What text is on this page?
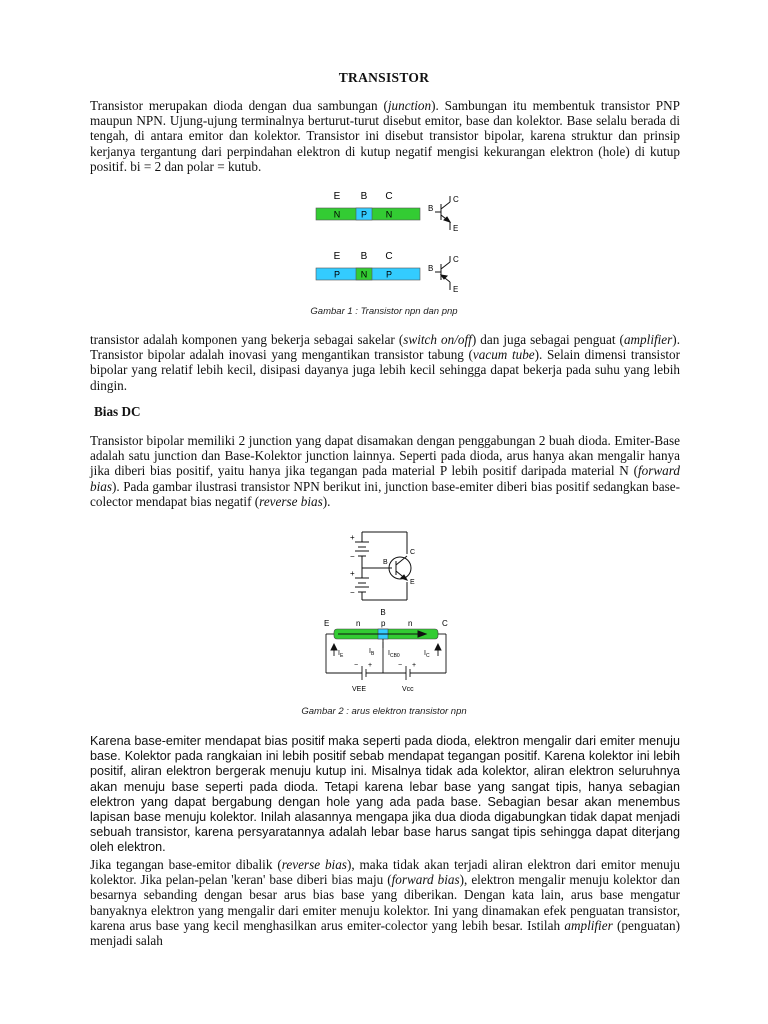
TRANSISTOR

Transistor merupakan dioda dengan dua sambungan (junction). Sambungan itu membentuk transistor PNP maupun NPN. Ujung-ujung terminalnya berturut-turut disebut emitor, base dan kolektor. Base selalu berada di tengah, di antara emitor dan kolektor. Transistor ini disebut transistor bipolar, karena struktur dan prinsip kerjanya tergantung dari perpindahan elektron di kutup negatif mengisi kekurangan elektron (hole) di kutup positif. bi = 2 dan polar = kutub.

E B C
N P N
B
C
E
E B C
P N P
B
C
E
Gambar 1 : Transistor npn dan pnp

transistor adalah komponen yang bekerja sebagai sakelar (switch on/off) dan juga sebagai penguat (amplifier). Transistor bipolar adalah inovasi yang mengantikan transistor tabung (vacum tube). Selain dimensi transistor bipolar yang relatif lebih kecil, disipasi dayanya juga lebih kecil sehingga dapat bekerja pada suhu yang lebih dingin.

Bias DC

Transistor bipolar memiliki 2 junction yang dapat disamakan dengan penggabungan 2 buah dioda. Emiter-Base adalah satu junction dan Base-Kolektor junction lainnya. Seperti pada dioda, arus hanya akan mengalir hanya jika diberi bias positif, yaitu hanya jika tegangan pada material P lebih positif daripada material N (forward bias). Pada gambar ilustrasi transistor NPN berikut ini, junction base-emiter diberi bias positif sedangkan base-colector mendapat bias negatif (reverse bias).

+
−
+
−
B
C
E
B
E	n	p	n	C
$I_E$
$I_B$ $I_{CB0}$	$I_C$
− +	− +
VEE	Vcc
Gambar 2 : arus elektron transistor npn

Karena base-emiter mendapat bias positif maka seperti pada dioda, elektron mengalir dari emiter menuju base. Kolektor pada rangkaian ini lebih positif sebab mendapat tegangan positif. Karena kolektor ini lebih positif, aliran elektron bergerak menuju kutup ini. Misalnya tidak ada kolektor, aliran elektron seluruhnya akan menuju base seperti pada dioda. Tetapi karena lebar base yang sangat tipis, hanya sebagian elektron yang dapat bergabung dengan hole yang ada pada base. Sebagian besar akan menembus lapisan base menuju kolektor. Inilah alasannya mengapa jika dua dioda digabungkan tidak dapat menjadi sebuah transistor, karena persyaratannya adalah lebar base harus sangat tipis sehingga dapat diterjang oleh elektron.

Jika tegangan base-emitor dibalik (reverse bias), maka tidak akan terjadi aliran elektron dari emitor menuju kolektor. Jika pelan-pelan 'keran' base diberi bias maju (forward bias), elektron mengalir menuju kolektor dan besarnya sebanding dengan besar arus bias base yang diberikan. Dengan kata lain, arus base mengatur banyaknya elektron yang mengalir dari emiter menuju kolektor. Ini yang dinamakan efek penguatan transistor, karena arus base yang kecil menghasilkan arus emiter-colector yang lebih besar. Istilah amplifier (penguatan) menjadi salah
